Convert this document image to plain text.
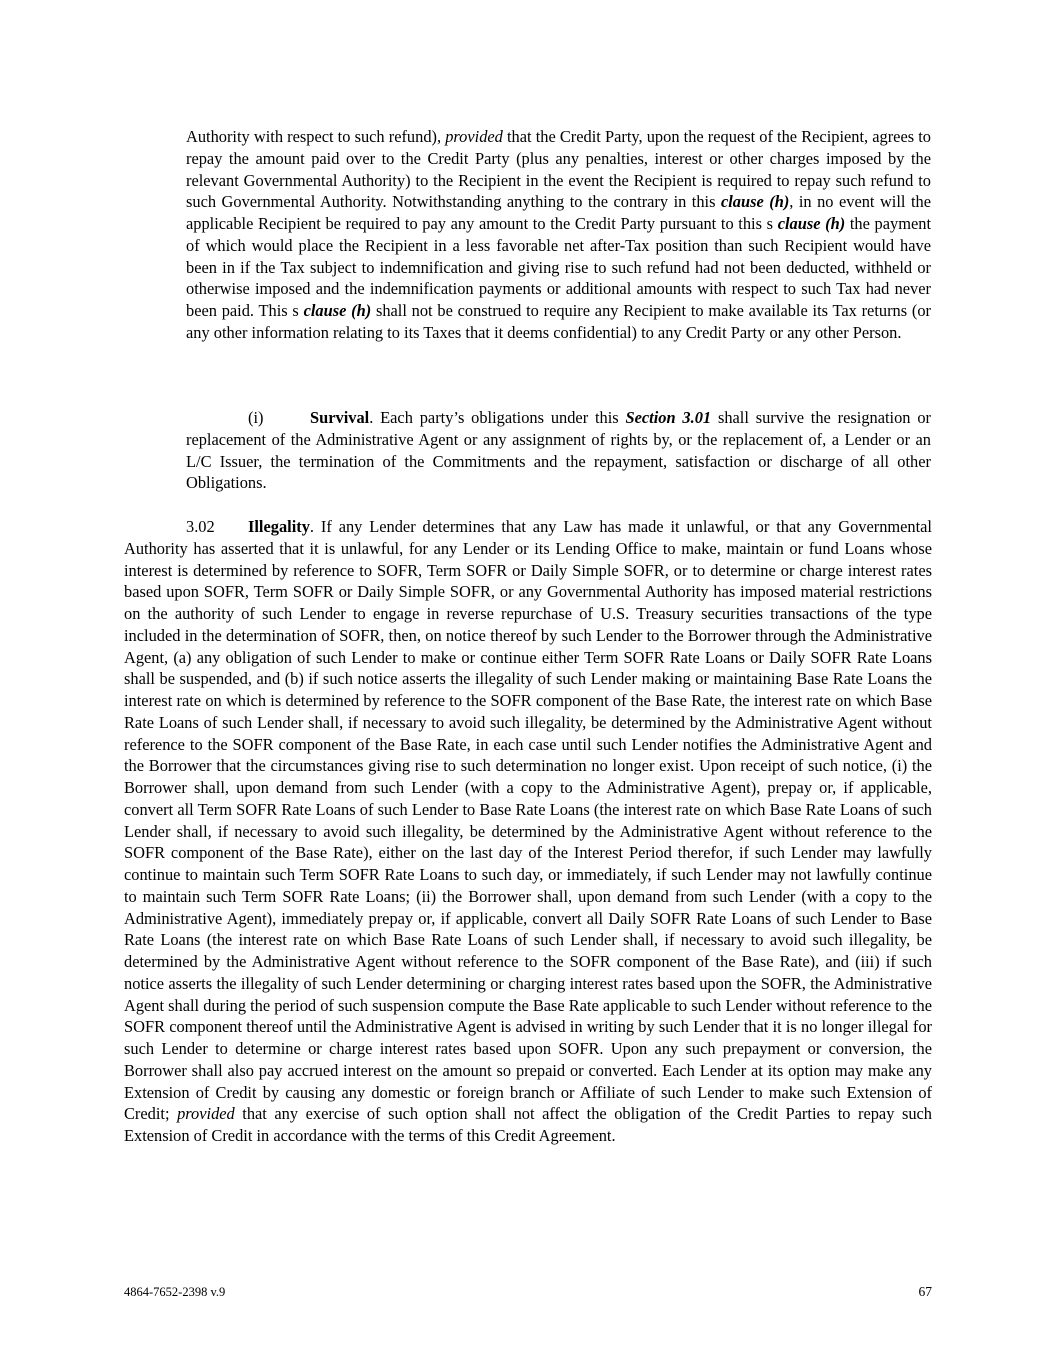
Authority with respect to such refund), provided that the Credit Party, upon the request of the Recipient, agrees to repay the amount paid over to the Credit Party (plus any penalties, interest or other charges imposed by the relevant Governmental Authority) to the Recipient in the event the Recipient is required to repay such refund to such Governmental Authority. Notwithstanding anything to the contrary in this clause (h), in no event will the applicable Recipient be required to pay any amount to the Credit Party pursuant to this s clause (h) the payment of which would place the Recipient in a less favorable net after-Tax position than such Recipient would have been in if the Tax subject to indemnification and giving rise to such refund had not been deducted, withheld or otherwise imposed and the indemnification payments or additional amounts with respect to such Tax had never been paid. This s clause (h) shall not be construed to require any Recipient to make available its Tax returns (or any other information relating to its Taxes that it deems confidential) to any Credit Party or any other Person.

(i)	Survival. Each party’s obligations under this Section 3.01 shall survive the resignation or replacement of the Administrative Agent or any assignment of rights by, or the replacement of, a Lender or an L/C Issuer, the termination of the Commitments and the repayment, satisfaction or discharge of all other Obligations.

3.02 Illegality. If any Lender determines that any Law has made it unlawful, or that any Governmental Authority has asserted that it is unlawful, for any Lender or its Lending Office to make, maintain or fund Loans whose interest is determined by reference to SOFR, Term SOFR or Daily Simple SOFR, or to determine or charge interest rates based upon SOFR, Term SOFR or Daily Simple SOFR, or any Governmental Authority has imposed material restrictions on the authority of such Lender to engage in reverse repurchase of U.S. Treasury securities transactions of the type included in the determination of SOFR, then, on notice thereof by such Lender to the Borrower through the Administrative Agent, (a) any obligation of such Lender to make or continue either Term SOFR Rate Loans or Daily SOFR Rate Loans shall be suspended, and (b) if such notice asserts the illegality of such Lender making or maintaining Base Rate Loans the interest rate on which is determined by reference to the SOFR component of the Base Rate, the interest rate on which Base Rate Loans of such Lender shall, if necessary to avoid such illegality, be determined by the Administrative Agent without reference to the SOFR component of the Base Rate, in each case until such Lender notifies the Administrative Agent and the Borrower that the circumstances giving rise to such determination no longer exist. Upon receipt of such notice, (i) the Borrower shall, upon demand from such Lender (with a copy to the Administrative Agent), prepay or, if applicable, convert all Term SOFR Rate Loans of such Lender to Base Rate Loans (the interest rate on which Base Rate Loans of such Lender shall, if necessary to avoid such illegality, be determined by the Administrative Agent without reference to the SOFR component of the Base Rate), either on the last day of the Interest Period therefor, if such Lender may lawfully continue to maintain such Term SOFR Rate Loans to such day, or immediately, if such Lender may not lawfully continue to maintain such Term SOFR Rate Loans; (ii) the Borrower shall, upon demand from such Lender (with a copy to the Administrative Agent), immediately prepay or, if applicable, convert all Daily SOFR Rate Loans of such Lender to Base Rate Loans (the interest rate on which Base Rate Loans of such Lender shall, if necessary to avoid such illegality, be determined by the Administrative Agent without reference to the SOFR component of the Base Rate), and (iii) if such notice asserts the illegality of such Lender determining or charging interest rates based upon the SOFR, the Administrative Agent shall during the period of such suspension compute the Base Rate applicable to such Lender without reference to the SOFR component thereof until the Administrative Agent is advised in writing by such Lender that it is no longer illegal for such Lender to determine or charge interest rates based upon SOFR. Upon any such prepayment or conversion, the Borrower shall also pay accrued interest on the amount so prepaid or converted. Each Lender at its option may make any Extension of Credit by causing any domestic or foreign branch or Affiliate of such Lender to make such Extension of Credit; provided that any exercise of such option shall not affect the obligation of the Credit Parties to repay such Extension of Credit in accordance with the terms of this Credit Agreement.

4864-7652-2398 v.9	67
